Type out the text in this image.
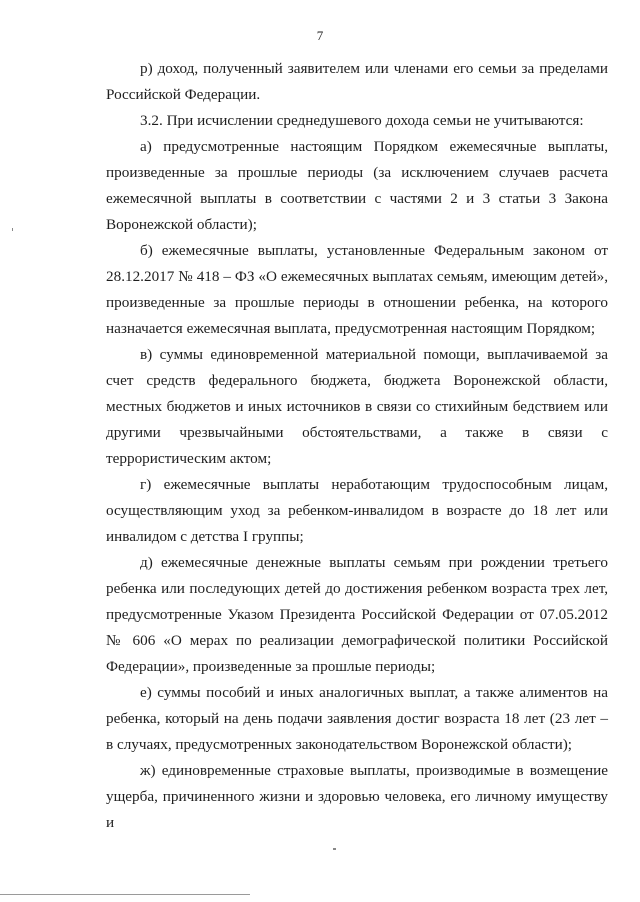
7

р) доход, полученный заявителем или членами его семьи за пределами Российской Федерации.

3.2. При исчислении среднедушевого дохода семьи не учитываются:

а) предусмотренные настоящим Порядком ежемесячные выплаты, произведенные за прошлые периоды (за исключением случаев расчета ежемесячной выплаты в соответствии с частями 2 и 3 статьи 3 Закона Воронежской области);

б) ежемесячные выплаты, установленные Федеральным законом от 28.12.2017 № 418 – ФЗ «О ежемесячных выплатах семьям, имеющим детей», произведенные за прошлые периоды в отношении ребенка, на которого назначается ежемесячная выплата, предусмотренная настоящим Порядком;

в) суммы единовременной материальной помощи, выплачиваемой за счет средств федерального бюджета, бюджета Воронежской области, местных бюджетов и иных источников в связи со стихийным бедствием или другими чрезвычайными обстоятельствами, а также в связи с террористическим актом;

г) ежемесячные выплаты неработающим трудоспособным лицам, осуществляющим уход за ребенком-инвалидом в возрасте до 18 лет или инвалидом с детства I группы;

д) ежемесячные денежные выплаты семьям при рождении третьего ребенка или последующих детей до достижения ребенком возраста трех лет, предусмотренные Указом Президента Российской Федерации от 07.05.2012 № 606 «О мерах по реализации демографической политики Российской Федерации», произведенные за прошлые периоды;

е) суммы пособий и иных аналогичных выплат, а также алиментов на ребенка, который на день подачи заявления достиг возраста 18 лет (23 лет – в случаях, предусмотренных законодательством Воронежской области);

ж) единовременные страховые выплаты, производимые в возмещение ущерба, причиненного жизни и здоровью человека, его личному имуществу и
